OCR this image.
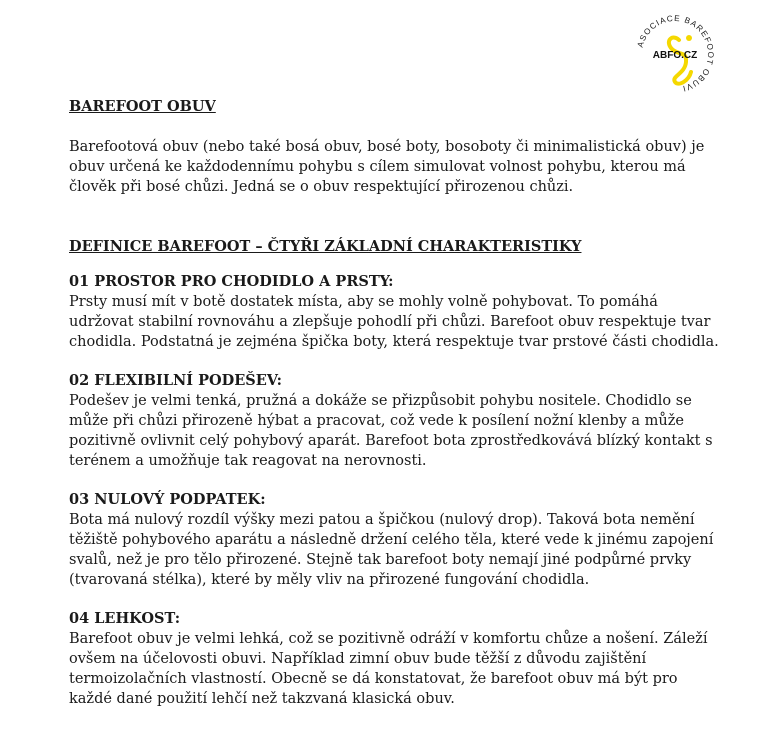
ASOCIACE BAREFOOT OBUVI
ABFO.CZ

BAREFOOT OBUV

Barefootová obuv (nebo také bosá obuv, bosé boty, bosoboty či minimalistická obuv) je obuv určená ke každodennímu pohybu s cílem simulovat volnost pohybu, kterou má člověk při bosé chůzi. Jedná se o obuv respektující přirozenou chůzi.

DEFINICE BAREFOOT – ČTYŘI ZÁKLADNÍ CHARAKTERISTIKY

01 PROSTOR PRO CHODIDLO A PRSTY:

Prsty musí mít v botě dostatek místa, aby se mohly volně pohybovat. To pomáhá udržovat stabilní rovnováhu a zlepšuje pohodlí při chůzi. Barefoot obuv respektuje tvar chodidla. Podstatná je zejména špička boty, která respektuje tvar prstové části chodidla.

02 FLEXIBILNÍ PODEŠEV:

Podešev je velmi tenká, pružná a dokáže se přizpůsobit pohybu nositele. Chodidlo se může při chůzi přirozeně hýbat a pracovat, což vede k posílení nožní klenby a může pozitivně ovlivnit celý pohybový aparát. Barefoot bota zprostředkovává blízký kontakt s terénem a umožňuje tak reagovat na nerovnosti.

03 NULOVÝ PODPATEK:

Bota má nulový rozdíl výšky mezi patou a špičkou (nulový drop). Taková bota nemění těžiště pohybového aparátu a následně držení celého těla, které vede k jinému zapojení svalů, než je pro tělo přirozené. Stejně tak barefoot boty nemají jiné podpůrné prvky (tvarovaná stélka), které by měly vliv na přirozené fungování chodidla.

04 LEHKOST:

Barefoot obuv je velmi lehká, což se pozitivně odráží v komfortu chůze a nošení. Záleží ovšem na účelovosti obuvi. Například zimní obuv bude těžší z důvodu zajištění termoizolačních vlastností. Obecně se dá konstatovat, že barefoot obuv má být pro každé dané použití lehčí než takzvaná klasická obuv.
